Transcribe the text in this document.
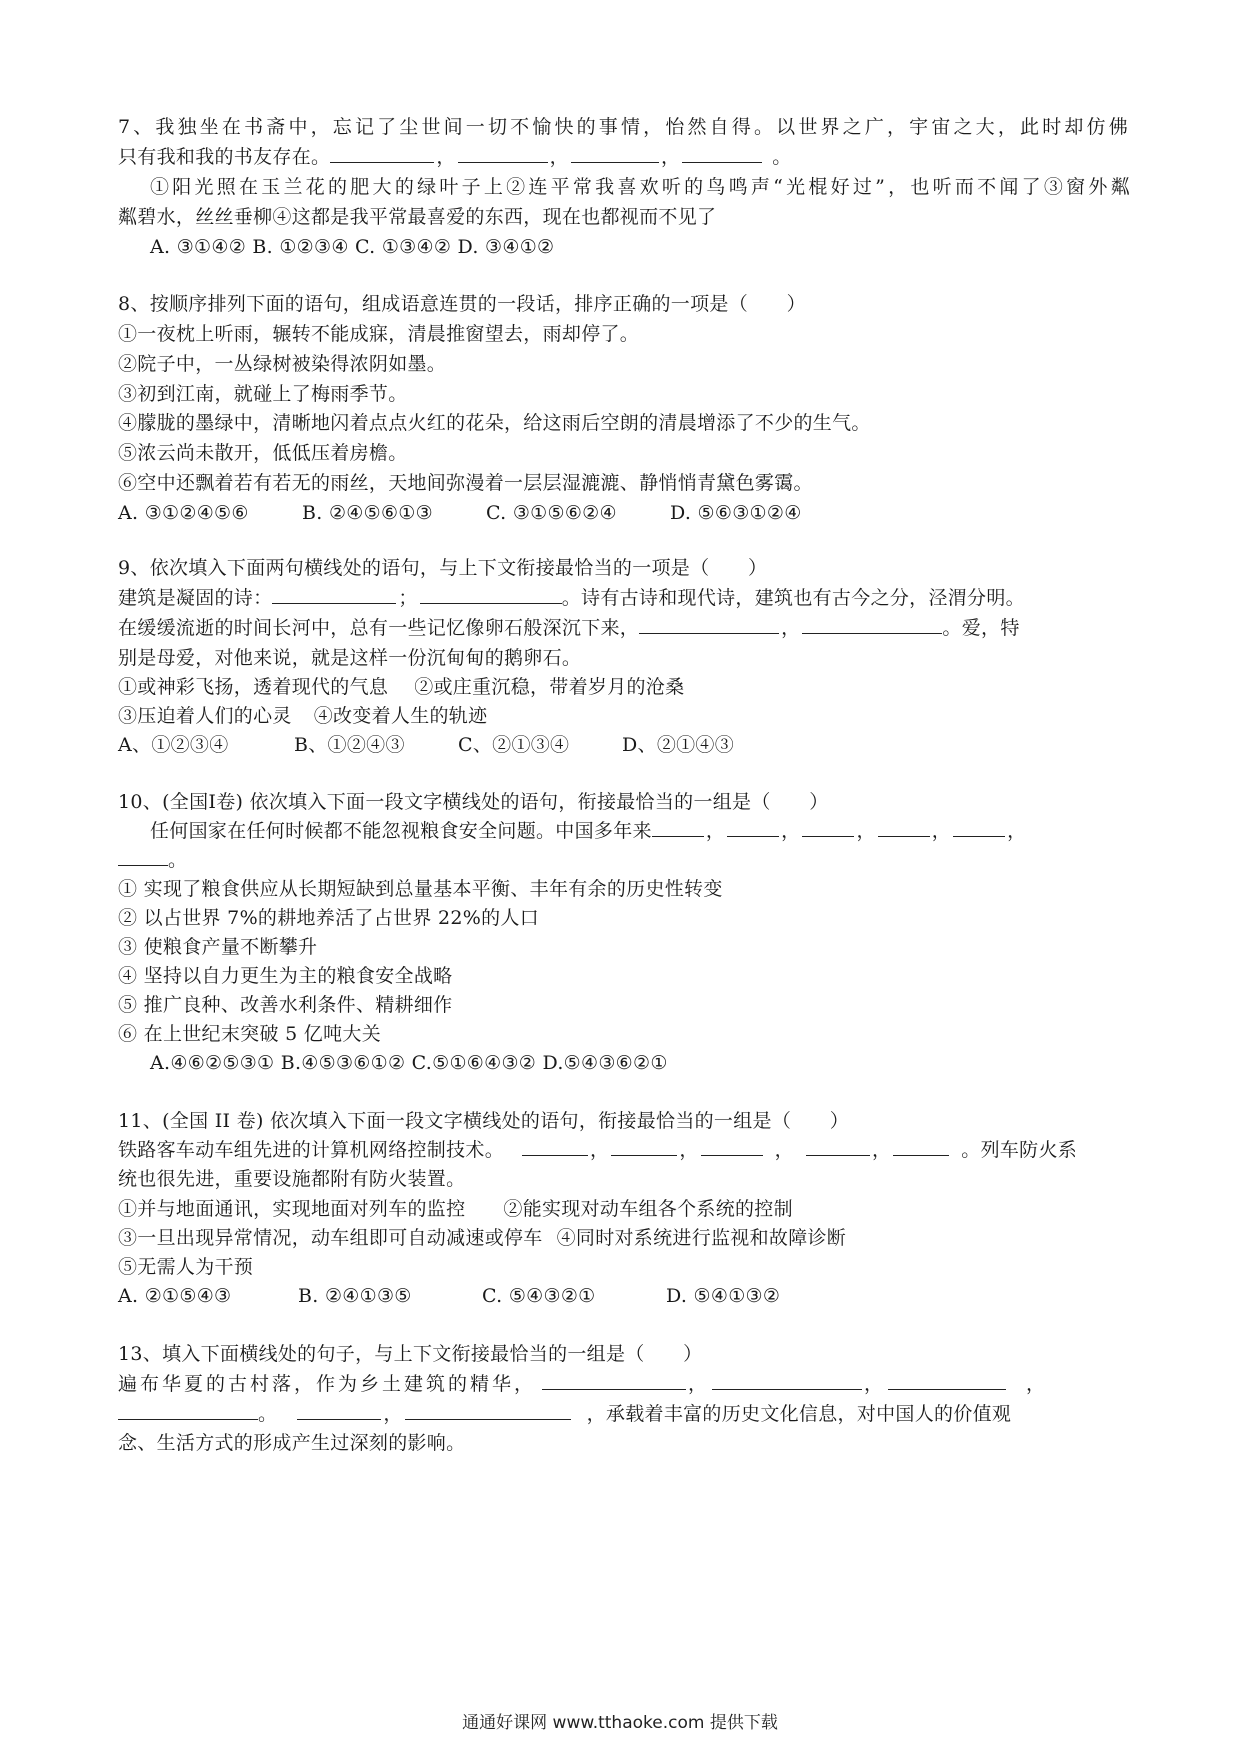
7、我独坐在书斋中，忘记了尘世间一切不愉快的事情，怡然自得。以世界之广，宇宙之大，此时却仿佛
只有我和我的书友存在。	，	，	，	。
①阳光照在玉兰花的肥大的绿叶子上②连平常我喜欢听的鸟鸣声“光棍好过”，也听而不闻了③窗外粼
粼碧水，丝丝垂柳④这都是我平常最喜爱的东西，现在也都视而不见了
A. ③①④② B. ①②③④ C. ①③④② D. ③④①②
8、按顺序排列下面的语句，组成语意连贯的一段话，排序正确的一项是（　　）
①一夜枕上听雨，辗转不能成寐，清晨推窗望去，雨却停了。
②院子中，一丛绿树被染得浓阴如墨。
③初到江南，就碰上了梅雨季节。
④朦胧的墨绿中，清晰地闪着点点火红的花朵，给这雨后空朗的清晨增添了不少的生气。
⑤浓云尚未散开，低低压着房檐。
⑥空中还飘着若有若无的雨丝，天地间弥漫着一层层湿漉漉、静悄悄青黛色雾霭。
A. ③①②④⑤⑥	B. ②④⑤⑥①③	C. ③①⑤⑥②④	D. ⑤⑥③①②④
9、依次填入下面两句横线处的语句，与上下文衔接最恰当的一项是（　　）
建筑是凝固的诗：	；	。诗有古诗和现代诗，建筑也有古今之分，泾渭分明。
在缓缓流逝的时间长河中，总有一些记忆像卵石般深沉下来，	，	。爱，特
别是母爱，对他来说，就是这样一份沉甸甸的鹅卵石。
①或神彩飞扬，透着现代的气息 ②或庄重沉稳，带着岁月的沧桑
③压迫着人们的心灵 ④改变着人生的轨迹
A、①②③④	B、①②④③	C、②①③④	D、②①④③
10、(全国Ⅰ卷) 依次填入下面一段文字横线处的语句，衔接最恰当的一组是（　　）
任何国家在任何时候都不能忽视粮食安全问题。中国多年来	，	，	，	，	，
。
① 实现了粮食供应从长期短缺到总量基本平衡、丰年有余的历史性转变
② 以占世界 7%的耕地养活了占世界 22%的人口
③ 使粮食产量不断攀升
④ 坚持以自力更生为主的粮食安全战略
⑤ 推广良种、改善水利条件、精耕细作
⑥ 在上世纪末突破 5 亿吨大关
A.④⑥②⑤③① B.④⑤③⑥①② C.⑤①⑥④③② D.⑤④③⑥②①
11、(全国 II 卷) 依次填入下面一段文字横线处的语句，衔接最恰当的一组是（　　）
铁路客车动车组先进的计算机网络控制技术。	，	，	，	，	。列车防火系
统也很先进，重要设施都附有防火装置。
①并与地面通讯，实现地面对列车的监控 ②能实现对动车组各个系统的控制
③一旦出现异常情况，动车组即可自动减速或停车 ④同时对系统进行监视和故障诊断
⑤无需人为干预
A. ②①⑤④③	B. ②④①③⑤	C. ⑤④③②①	D. ⑤④①③②
13、填入下面横线处的句子，与上下文衔接最恰当的一组是（　　）
遍布华夏的古村落，作为乡土建筑的精华，	，	，	，
。	，	，承载着丰富的历史文化信息，对中国人的价值观
念、生活方式的形成产生过深刻的影响。
通通好课网 www.tthaoke.com 提供下载
